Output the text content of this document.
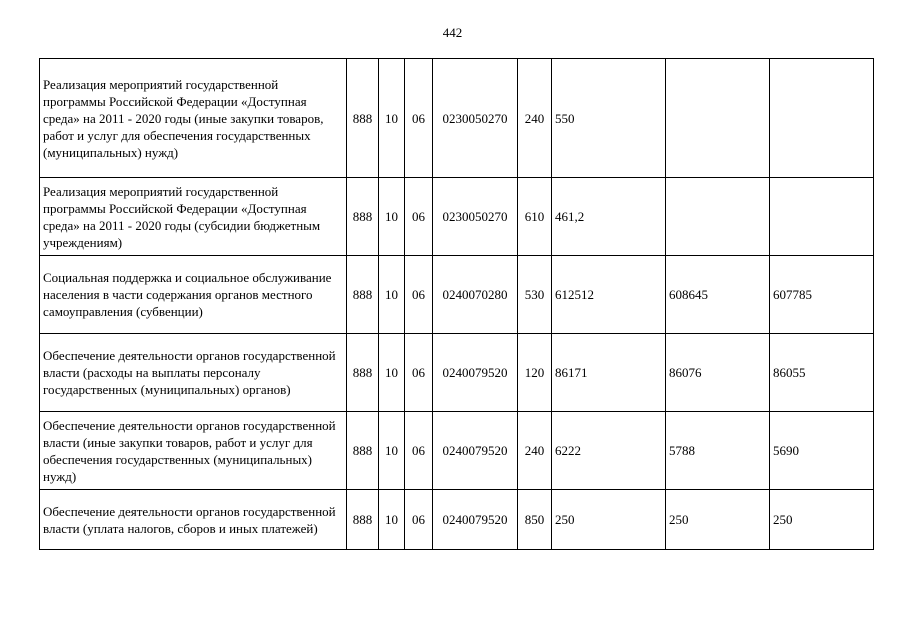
442
Реализация мероприятий государственной программы Российской Федерации «Доступная среда» на 2011 - 2020 годы (иные закупки товаров, работ и услуг для обеспечения государственных (муниципальных) нужд)	888	10	06	0230050270	240	550		
Реализация мероприятий государственной программы Российской Федерации «Доступная среда» на 2011 - 2020 годы (субсидии бюджетным учреждениям)	888	10	06	0230050270	610	461,2		
Социальная поддержка и социальное обслуживание населения в части содержания органов местного самоуправления (субвенции)	888	10	06	0240070280	530	612512	608645	607785
Обеспечение деятельности органов государственной власти (расходы на выплаты персоналу государственных (муниципальных) органов)	888	10	06	0240079520	120	86171	86076	86055
Обеспечение деятельности органов государственной власти (иные закупки товаров, работ и услуг для обеспечения государственных (муниципальных) нужд)	888	10	06	0240079520	240	6222	5788	5690
Обеспечение деятельности органов государственной власти (уплата налогов, сборов и иных платежей)	888	10	06	0240079520	850	250	250	250
